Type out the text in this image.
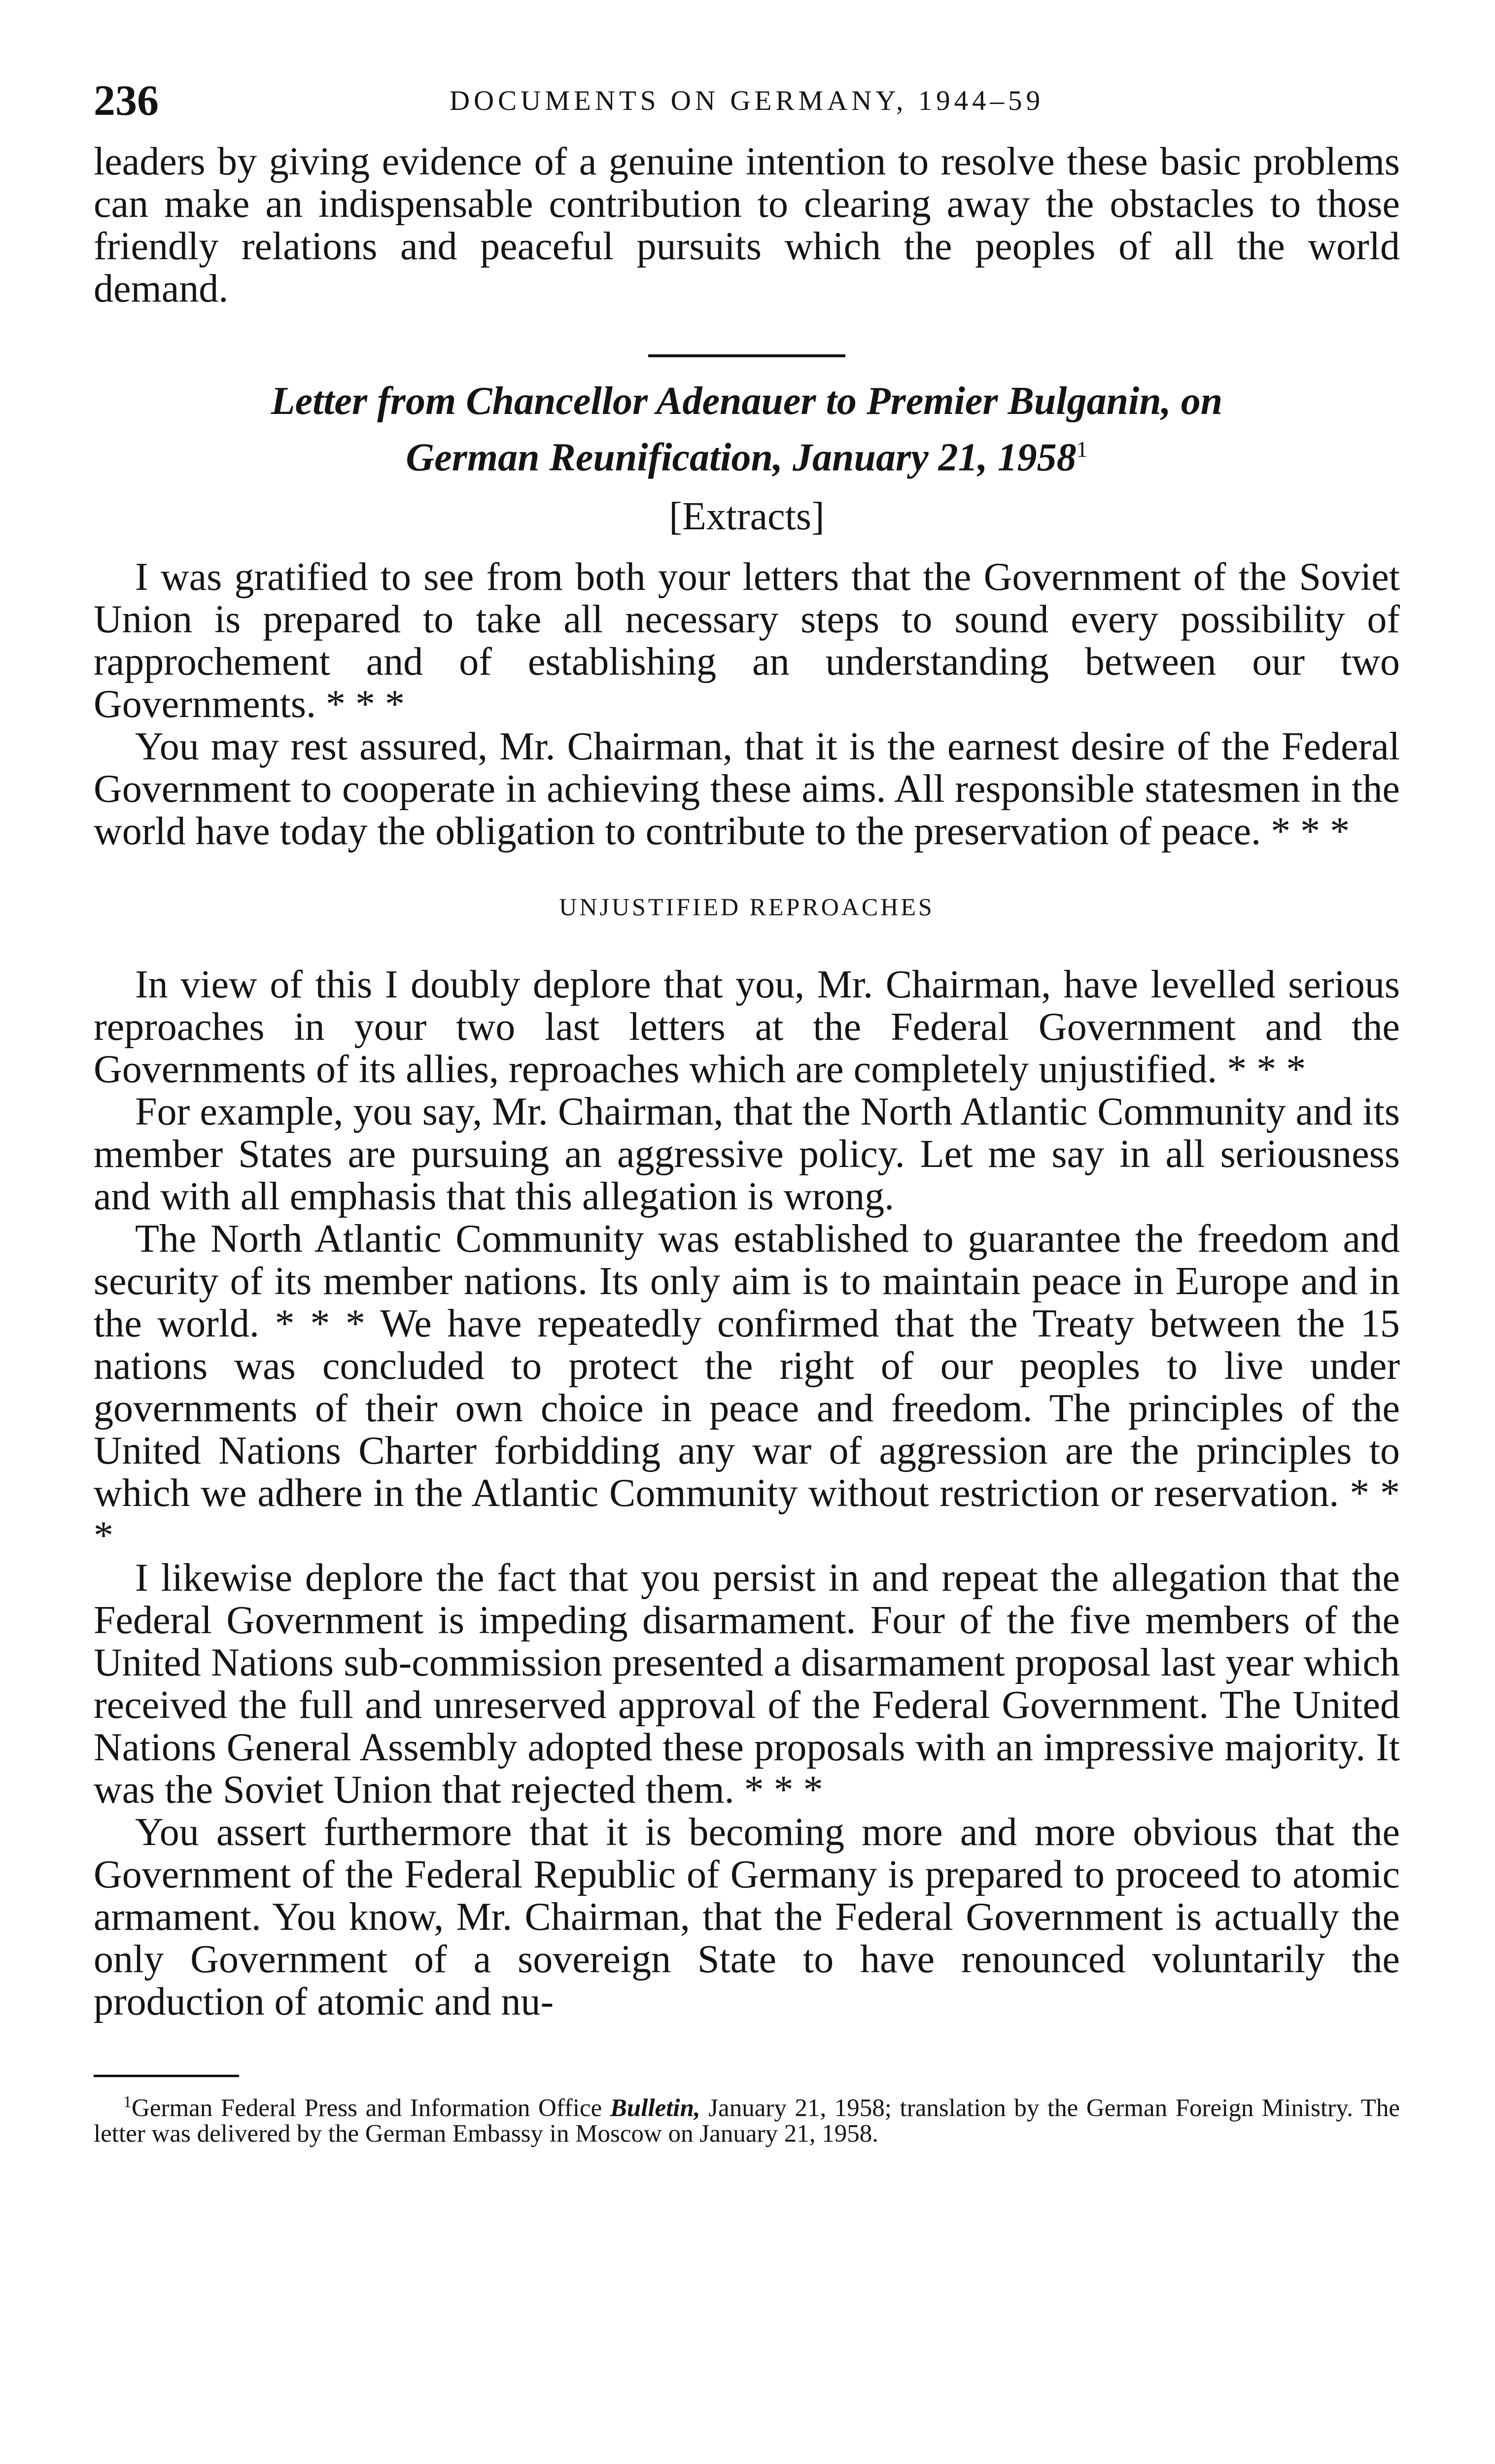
236	DOCUMENTS ON GERMANY, 1944–59

leaders by giving evidence of a genuine intention to resolve these basic problems can make an indispensable contribution to clearing away the obstacles to those friendly relations and peaceful pursuits which the peoples of all the world demand.

Letter from Chancellor Adenauer to Premier Bulganin, on
German Reunification, January 21, 1958$^1$
[Extracts]

I was gratified to see from both your letters that the Government of the Soviet Union is prepared to take all necessary steps to sound every possibility of rapprochement and of establishing an understanding between our two Governments. * * *

You may rest assured, Mr. Chairman, that it is the earnest desire of the Federal Government to cooperate in achieving these aims. All responsible statesmen in the world have today the obligation to contribute to the preservation of peace. * * *

UNJUSTIFIED REPROACHES

In view of this I doubly deplore that you, Mr. Chairman, have levelled serious reproaches in your two last letters at the Federal Government and the Governments of its allies, reproaches which are completely unjustified. * * *

For example, you say, Mr. Chairman, that the North Atlantic Community and its member States are pursuing an aggressive policy. Let me say in all seriousness and with all emphasis that this allegation is wrong.

The North Atlantic Community was established to guarantee the freedom and security of its member nations. Its only aim is to maintain peace in Europe and in the world. * * * We have repeatedly confirmed that the Treaty between the 15 nations was concluded to protect the right of our peoples to live under governments of their own choice in peace and freedom. The principles of the United Nations Charter forbidding any war of aggression are the principles to which we adhere in the Atlantic Community without restriction or reservation. * * *

I likewise deplore the fact that you persist in and repeat the allegation that the Federal Government is impeding disarmament. Four of the five members of the United Nations sub-commission presented a disarmament proposal last year which received the full and unreserved approval of the Federal Government. The United Nations General Assembly adopted these proposals with an impressive majority. It was the Soviet Union that rejected them. * * *

You assert furthermore that it is becoming more and more obvious that the Government of the Federal Republic of Germany is prepared to proceed to atomic armament. You know, Mr. Chairman, that the Federal Government is actually the only Government of a sovereign State to have renounced voluntarily the production of atomic and nu-

$^1$German Federal Press and Information Office Bulletin, January 21, 1958; translation by the German Foreign Ministry. The letter was delivered by the German Embassy in Moscow on January 21, 1958.
